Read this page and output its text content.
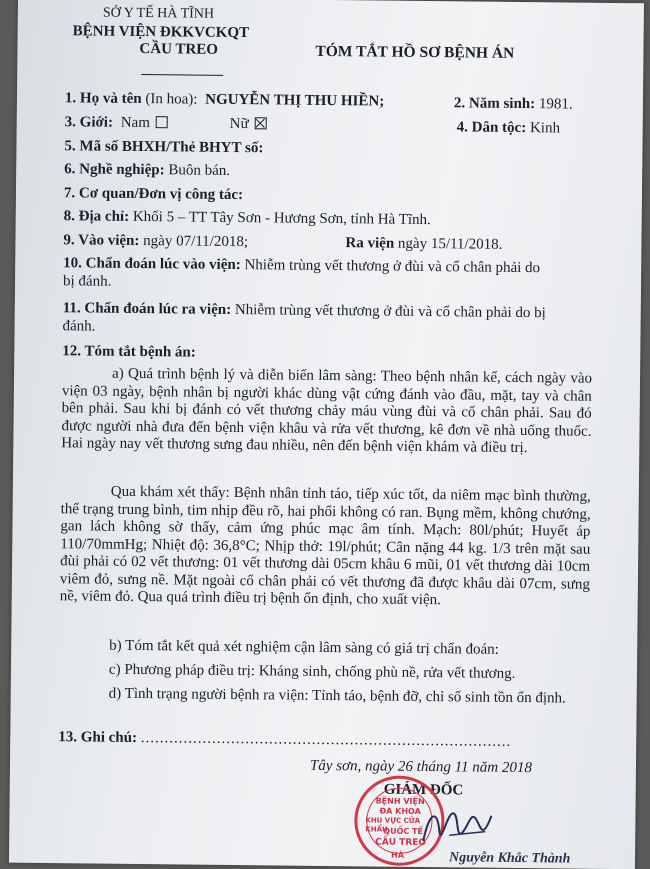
SỞ Y TẾ HÀ TĨNH
BỆNH VIỆN ĐKKVCKQT
CẦU TREO	TÓM TẮT HỒ SƠ BỆNH ÁN
1. Họ và tên (In hoa): NGUYỄN THỊ THU HIỀN;	2. Năm sinh: 1981.
3. Giới: Nam	Nữ	4. Dân tộc: Kinh
5. Mã số BHXH/Thẻ BHYT số:
6. Nghề nghiệp: Buôn bán.
7. Cơ quan/Đơn vị công tác:
8. Địa chỉ: Khối 5 – TT Tây Sơn - Hương Sơn, tỉnh Hà Tĩnh.
9. Vào viện: ngày 07/11/2018;	Ra viện ngày 15/11/2018.
10. Chẩn đoán lúc vào viện: Nhiễm trùng vết thương ở đùi và cổ chân phải do
bị đánh.
11. Chẩn đoán lúc ra viện: Nhiễm trùng vết thương ở đùi và cổ chân phải do bị
đánh.
12. Tóm tắt bệnh án:
a) Quá trình bệnh lý và diễn biến lâm sàng: Theo bệnh nhân kể, cách ngày vào viện 03 ngày, bệnh nhân bị người khác dùng vật cứng đánh vào đầu, mặt, tay và chân bên phải. Sau khi bị đánh có vết thương chảy máu vùng đùi và cổ chân phải. Sau đó được người nhà đưa đến bệnh viện khâu và rửa vết thương, kê đơn về nhà uống thuốc. Hai ngày nay vết thương sưng đau nhiều, nên đến bệnh viện khám và điều trị.
Qua khám xét thấy: Bệnh nhân tỉnh táo, tiếp xúc tốt, da niêm mạc bình thường, thể trạng trung bình, tim nhịp đều rõ, hai phổi không có ran. Bụng mềm, không chướng, gan lách không sờ thấy, cảm ứng phúc mạc âm tính. Mạch: 80l/phút; Huyết áp 110/70mmHg; Nhiệt độ: 36,8°C; Nhịp thở: 19l/phút; Cân nặng 44 kg. 1/3 trên mặt sau đùi phải có 02 vết thương: 01 vết thương dài 05cm khâu 6 mũi, 01 vết thương dài 10cm viêm đỏ, sưng nề. Mặt ngoài cổ chân phải có vết thương đã được khâu dài 07cm, sưng nề, viêm đỏ. Qua quá trình điều trị bệnh ổn định, cho xuất viện.
b) Tóm tắt kết quả xét nghiệm cận lâm sàng có giá trị chẩn đoán:
c) Phương pháp điều trị: Kháng sinh, chống phù nề, rửa vết thương.
d) Tình trạng người bệnh ra viện: Tỉnh táo, bệnh đỡ, chỉ số sinh tồn ổn định.
13. Ghi chú: ..............................................................................
Tây sơn, ngày 26 tháng 11 năm 2018
GIÁM ĐỐC
BỆNH VIỆN
ĐA KHOA
KHU VỰC CỬA KHẨU
QUỐC TẾ
CẦU TREO
HÀ	Nguyễn Khắc Thành
